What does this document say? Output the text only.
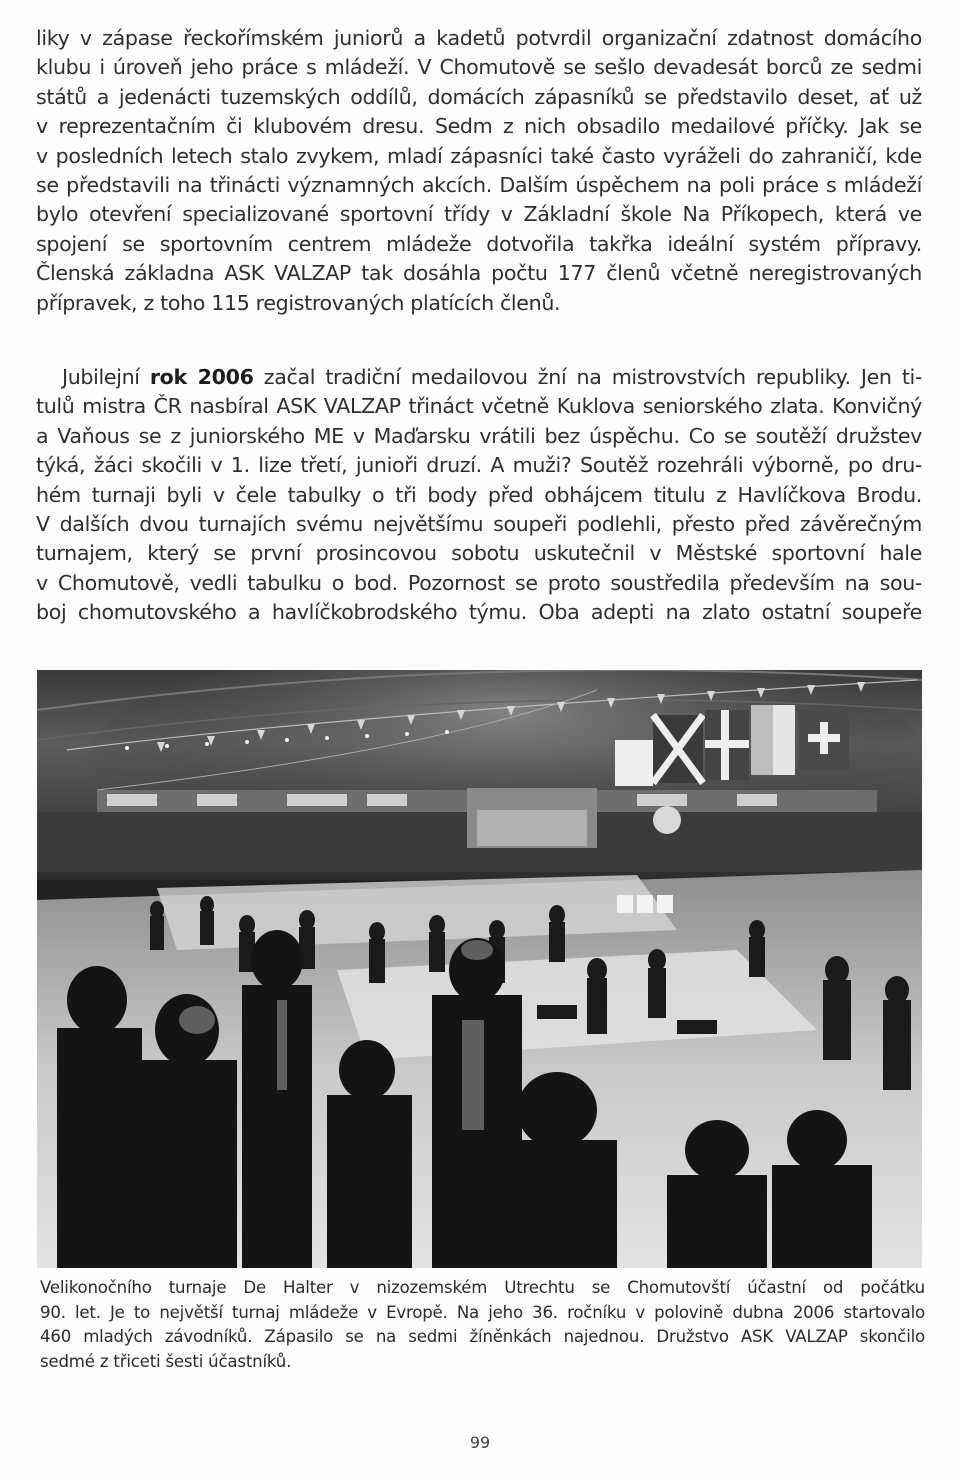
liky v zápase řeckořímském juniorů a kadetů potvrdil organizační zdatnost domácího
klubu i úroveň jeho práce s mládeží. V Chomutově se sešlo devadesát borců ze sedmi
států a jedenácti tuzemských oddílů, domácích zápasníků se představilo deset, ať už
v reprezentačním či klubovém dresu. Sedm z nich obsadilo medailové příčky. Jak se
v posledních letech stalo zvykem, mladí zápasníci také často vyráželi do zahraničí, kde
se představili na třinácti významných akcích. Dalším úspěchem na poli práce s mládeží
bylo otevření specializované sportovní třídy v Základní škole Na Příkopech, která ve
spojení se sportovním centrem mládeže dotvořila takřka ideální systém přípravy.
Členská základna ASK VALZAP tak dosáhla počtu 177 členů včetně neregistrovaných
přípravek, z toho 115 registrovaných platících členů.
Jubilejní rok 2006 začal tradiční medailovou žní na mistrovstvích republiky. Jen ti-
tulů mistra ČR nasbíral ASK VALZAP třináct včetně Kuklova seniorského zlata. Konvičný
a Vaňous se z juniorského ME v Maďarsku vrátili bez úspěchu. Co se soutěží družstev
týká, žáci skočili v 1. lize třetí, junioři druzí. A muži? Soutěž rozehráli výborně, po dru-
hém turnaji byli v čele tabulky o tři body před obhájcem titulu z Havlíčkova Brodu.
V dalších dvou turnajích svému největšímu soupeři podlehli, přesto před závěrečným
turnajem, který se první prosincovou sobotu uskutečnil v Městské sportovní hale
v Chomutově, vedli tabulku o bod. Pozornost se proto soustředila především na sou-
boj chomutovského a havlíčkobrodského týmu. Oba adepti na zlato ostatní soupeře
Velikonočního turnaje De Halter v nizozemském Utrechtu se Chomutovští účastní od počátku
90. let. Je to největší turnaj mládeže v Evropě. Na jeho 36. ročníku v polovině dubna 2006 startovalo
460 mladých závodníků. Zápasilo se na sedmi žíněnkách najednou. Družstvo ASK VALZAP skončilo
sedmé z třiceti šesti účastníků.
99
